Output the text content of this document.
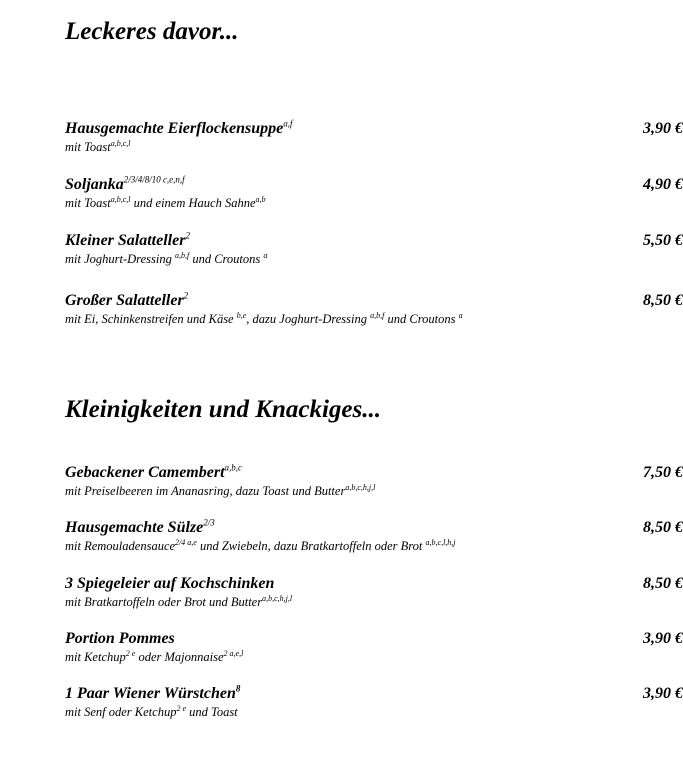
Leckeres davor...
Hausgemachte Eierflockensuppe$^{a,f}$
mit Toast$^{a,b,c,l}$
3,90 €
Soljanka$^{2/3/4/8/10 c,e,n,f}$
mit Toast$^{a,b,c,l}$ und einem Hauch Sahne$^{a,b}$
4,90 €
Kleiner Salatteller$^2$
mit Joghurt-Dressing $^{a,b,f}$ und Croutons $^a$
5,50 €
Großer Salatteller$^2$
mit Ei, Schinkenstreifen und Käse $^{b,e}$, dazu Joghurt-Dressing $^{a,b,f}$ und Croutons $^a$
8,50 €
Kleinigkeiten und Knackiges...
Gebackener Camembert$^{a,b,c}$
mit Preiselbeeren im Ananasring, dazu Toast und Butter$^{a,b,c,h,j,l}$
7,50 €
Hausgemachte Sülze$^{2/3}$
mit Remouladensauce$^{2/4 a,e}$ und Zwiebeln, dazu Bratkartoffeln oder Brot $^{a,b,c,l,h,j}$
8,50 €
3 Spiegeleier auf Kochschinken
mit Bratkartoffeln oder Brot und Butter$^{a,b,c,h,j,l}$
8,50 €
Portion Pommes
mit Ketchup$^{2 e}$ oder Majonnaise$^{2 a,e,l}$
3,90 €
1 Paar Wiener Würstchen$^8$
mit Senf oder Ketchup$^{2 e}$ und Toast
3,90 €
